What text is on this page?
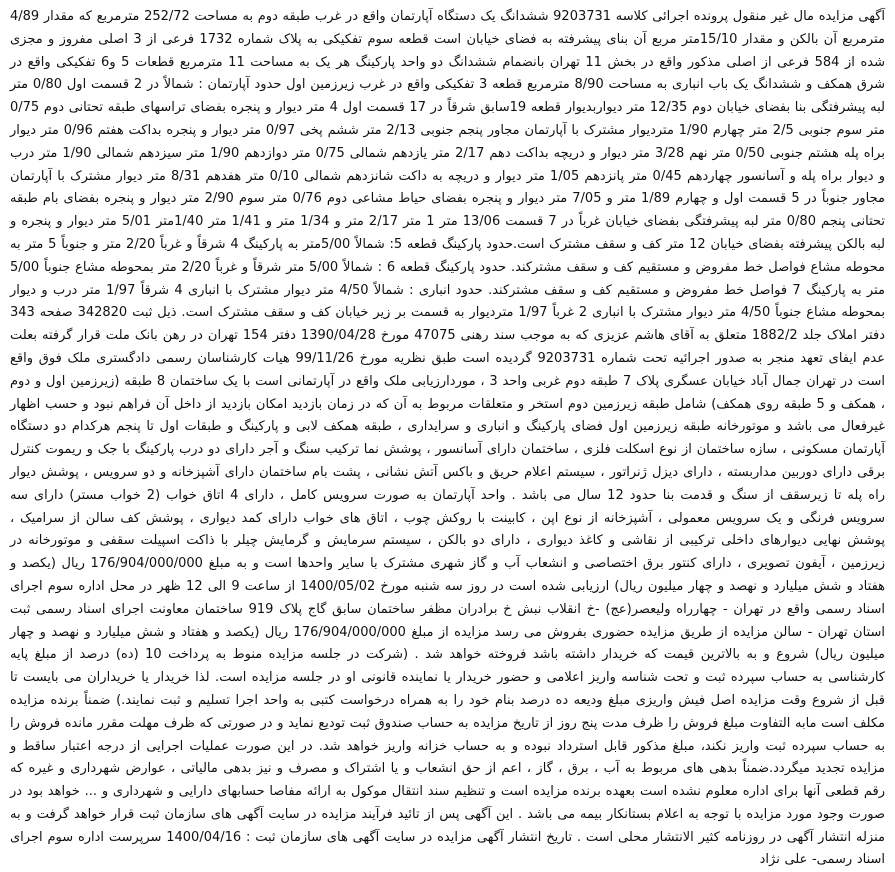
آگهی مزایده مال غیر منقول پرونده اجرائی کلاسه 9203731 ششدانگ یک دستگاه آپارتمان واقع در غرب طبقه دوم به مساحت 252/72 مترمربع که مقدار 4/89 مترمربع آن بالکن و مقدار 15/10متر مربع آن بنای پیشرفته به فضای خیابان است قطعه سوم تفکیکی به پلاک شماره 1732 فرعی از 3 اصلی مفروز و مجزی شده از 584 فرعی از اصلی مذکور واقع در بخش 11 تهران بانضمام ششدانگ دو واحد پارکینگ هر یک به مساحت 11 مترمربع قطعات 5 و6 تفکیکی واقع در شرق همکف و ششدانگ یک باب انباری به مساحت 8/90 مترمربع قطعه 3 تفکیکی واقع در غرب زیرزمین اول حدود آپارتمان : شمالاً در 2 قسمت اول 0/80 متر لبه پیشرفتگی بنا بفضای خیابان دوم 12/35 متر دیواربدیوار قطعه 19سابق شرقاً در 17 قسمت اول 4 متر دیوار و پنجره بفضای تراسهای طبقه تحتانی دوم 0/75 متر سوم جنوبی 2/5 متر چهارم 1/90 متردیوار مشترک با آپارتمان مجاور پنجم جنوبی 2/13 متر ششم پخی 0/97 متر دیوار و پنجره بداکت هفتم 0/96 متر دیوار براه پله هشتم جنوبی 0/50 متر نهم 3/28 متر دیوار و دریچه بداکت دهم 2/17 متر یازدهم شمالی 0/75 متر دوازدهم 1/90 متر سیزدهم شمالی 1/90 متر درب و دیوار براه پله و آسانسور چهاردهم 0/45 متر پانزدهم 1/05 متر دیوار و دریچه به داکت شانزدهم شمالی 0/10 متر هفدهم 8/31 متر دیوار مشترک با آپارتمان مجاور جنوباً در 5 قسمت اول و چهارم 1/89 متر و 7/05 متر دیوار و پنجره بفضای حیاط مشاعی دوم 0/76 متر سوم 2/90 متر دیوار و پنجره بفضای بام طبقه تحتانی پنجم 0/80 متر لبه پیشرفتگی بفضای خیابان غرباً در 7 قسمت 13/06 متر 1 متر 2/17 متر و 1/34 متر و 1/41 متر 1/40متر 5/01 متر دیوار و پنجره و لبه بالکن پیشرفته بفضای خیابان 12 متر کف و سقف مشترک است.حدود پارکینگ قطعه 5: شمالاً 5/00متر به پارکینگ 4 شرقاً و غرباً 2/20 متر و جنوباً 5 متر به محوطه مشاع فواصل خط مفروض و مستقیم کف و سقف مشترکند. حدود پارکینگ قطعه 6 : شمالاً 5/00 متر شرقاً و غرباً 2/20 متر بمحوطه مشاع جنوباً 5/00 متر به پارکینگ 7 فواصل خط مفروض و مستقیم کف و سقف مشترکند. حدود انباری : شمالاً 4/50 متر دیوار مشترک با انباری 4 شرقاً 1/97 متر درب و دیوار بمحوطه مشاع جنوباً 4/50 متر دیوار مشترک با انباری 2 غرباً 1/97 متردیوار به قسمت بر زیر خیابان کف و سقف مشترک است. ذیل ثبت 342820 صفحه 343 دفتر املاک جلد 1882/2 متعلق به آقای هاشم عزیزی که به موجب سند رهنی 47075 مورخ 1390/04/28 دفتر 154 تهران در رهن بانک ملت قرار گرفته بعلت عدم ایفای تعهد منجر به صدور اجرائیه تحت شماره 9203731 گردیده است طبق نظریه مورخ 99/11/26 هیات کارشناسان رسمی دادگستری ملک فوق واقع است در تهران جمال آباد خیابان عسگری پلاک 7 طبقه دوم غربی واحد 3 ، موردارزیابی ملک واقع در آپارتمانی است با یک ساختمان 8 طبقه (زیرزمین اول و دوم ، همکف و 5 طبقه روی همکف) شامل طبقه زیرزمین دوم استخر و متعلقات مربوط به آن که در زمان بازدید امکان بازدید از داخل آن فراهم نبود و حسب اظهار غیرفعال می باشد و موتورخانه طبقه زیرزمین اول فضای پارکینگ و انباری و سرایداری ، طبقه همکف لابی و پارکینگ و طبقات اول تا پنجم هرکدام دو دستگاه آپارتمان مسکونی ، سازه ساختمان از نوع اسکلت فلزی ، ساختمان دارای آسانسور ، پوشش نما ترکیب سنگ و آجر دارای دو درب پارکینگ با جک و ریموت کنترل برقی دارای دوربین مداربسته ، دارای دیزل ژنراتور ، سیستم اعلام حریق و باکس آتش نشانی ، پشت بام ساختمان دارای آشپزخانه و دو سرویس ، پوشش دیوار راه پله تا زیرسقف از سنگ و قدمت بنا حدود 12 سال می باشد . واحد آپارتمان به صورت سرویس کامل ، دارای 4 اتاق خواب (2 خواب مستر) دارای سه سرویس فرنگی و یک سرویس معمولی ، آشپزخانه از نوع اپن ، کابینت با روکش چوب ، اتاق های خواب دارای کمد دیواری ، پوشش کف سالن از سرامیک ، پوشش نهایی دیوارهای داخلی ترکیبی از نقاشی و کاغذ دیواری ، دارای دو بالکن ، سیستم سرمایش و گرمایش چیلر با ذاکت اسپیلت سقفی و موتورخانه در زیرزمین ، آیفون تصویری ، دارای کنتور برق اختصاصی و انشعاب آب و گاز شهری مشترک با سایر واحدها است و به مبلغ 176/904/000/000 ریال (یکصد و هفتاد و شش میلیارد و نهصد و چهار میلیون ریال) ارزیابی شده است در روز سه شنبه مورخ 1400/05/02 از ساعت 9 الی 12 ظهر در محل اداره سوم اجرای اسناد رسمی واقع در تهران - چهارراه ولیعصر(عج) -خ انقلاب نبش خ برادران مظفر ساختمان سابق گاج پلاک 919 ساختمان معاونت اجرای اسناد رسمی ثبت استان تهران - سالن مزایده از طریق مزایده حضوری بفروش می رسد مزایده از مبلغ 176/904/000/000 ریال (یکصد و هفتاد و شش میلیارد و نهصد و چهار میلیون ریال) شروع و به بالاترین قیمت که خریدار داشته باشد فروخته خواهد شد . (شرکت در جلسه مزایده منوط به پرداخت 10 (ده) درصد از مبلغ پایه کارشناسی به حساب سپرده ثبت و تحت شناسه واریز اعلامی و حضور خریدار یا نماینده قانونی او در جلسه مزایده است. لذا خریدار یا خریداران می بایست تا قبل از شروع وقت مزایده اصل فیش واریزی مبلغ ودیعه ده درصد بنام خود را به همراه درخواست کتبی به واحد اجرا تسلیم و ثبت نمایند.) ضمناً برنده مزایده مکلف است مابه التفاوت مبلغ فروش را ظرف مدت پنج روز از تاریخ مزایده به حساب صندوق ثبت تودیع نماید و در صورتی که ظرف مهلت مقرر مانده فروش را به حساب سپرده ثبت واریز نکند، مبلغ مذکور قابل استرداد نبوده و به حساب خزانه واریز خواهد شد. در این صورت عملیات اجرایی از درجه اعتبار ساقط و مزایده تجدید میگردد.ضمناً بدهی های مربوط به آب ، برق ، گاز ، اعم از حق انشعاب و یا اشتراک و مصرف و نیز بدهی مالیاتی ، عوارض شهرداری و غیره که رقم قطعی آنها برای اداره معلوم نشده است بعهده برنده مزایده است و تنظیم سند انتقال موکول به ارائه مفاصا حسابهای دارایی و شهرداری و ... خواهد بود در صورت وجود مورد مزایده با توجه به اعلام بستانکار بیمه می باشد . این آگهی پس از تائید فرآیند مزایده در سایت آگهی های سازمان ثبت قرار خواهد گرفت و به منزله انتشار آگهی در روزنامه کثیر الانتشار محلی است . تاریخ انتشار آگهی مزایده در سایت آگهی های سازمان ثبت : 1400/04/16 سرپرست اداره سوم اجرای اسناد رسمی- علی نژاد
